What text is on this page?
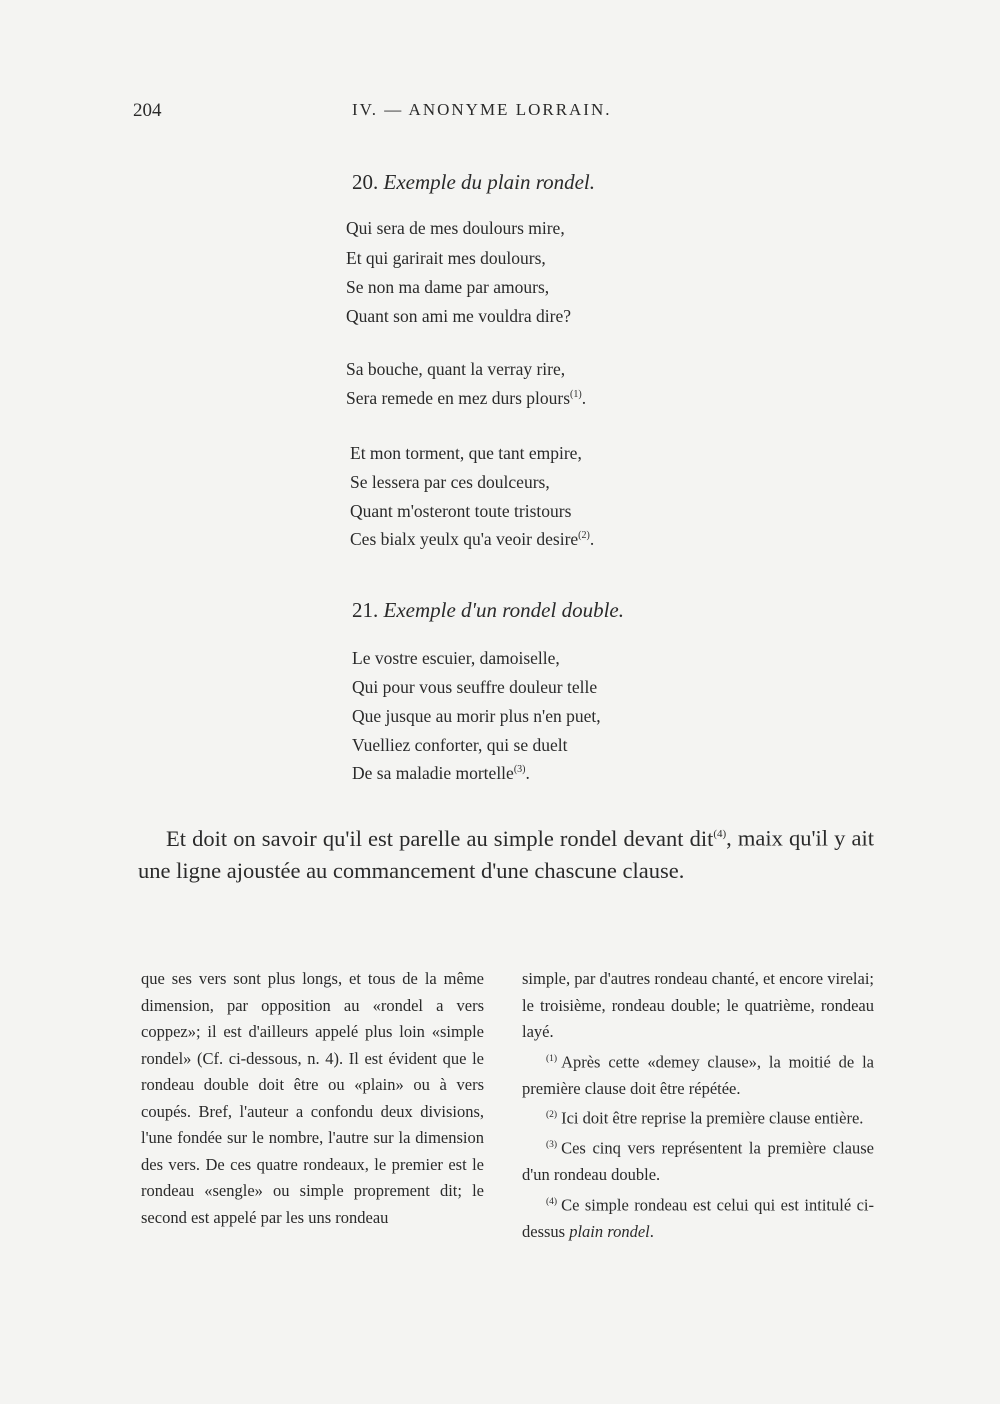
204	IV. — ANONYME LORRAIN.
20. Exemple du plain rondel.
Qui sera de mes doulours mire,
Et qui garirait mes doulours,
Se non ma dame par amours,
Quant son ami me vouldra dire?
Sa bouche, quant la verray rire,
Sera remede en mez durs plours$^{(1)}$.
Et mon torment, que tant empire,
Se lessera par ces doulceurs,
Quant m'osteront toute tristours
Ces bialx yeulx qu'a veoir desire$^{(2)}$.
21. Exemple d'un rondel double.
Le vostre escuier, damoiselle,
Qui pour vous seuffre douleur telle
Que jusque au morir plus n'en puet,
Vuelliez conforter, qui se duelt
De sa maladie mortelle$^{(3)}$.

Et doit on savoir qu'il est parelle au simple rondel devant dit$^{(4)}$, maix qu'il y ait une ligne ajoustée au commancement d'une chascune clause.

que ses vers sont plus longs, et tous de la même dimension, par opposition au «rondel a vers coppez»; il est d'ailleurs appelé plus loin «simple rondel» (Cf. ci-dessous, n. 4). Il est évident que le rondeau double doit être ou «plain» ou à vers coupés. Bref, l'auteur a confondu deux divisions, l'une fondée sur le nombre, l'autre sur la dimension des vers. De ces quatre rondeaux, le premier est le rondeau «sengle» ou simple proprement dit; le second est appelé par les uns rondeau

simple, par d'autres rondeau chanté, et encore virelai; le troisième, rondeau double; le quatrième, rondeau layé.

$^{(1)}$ Après cette «demey clause», la moitié de la première clause doit être répétée.

$^{(2)}$ Ici doit être reprise la première clause entière.

$^{(3)}$ Ces cinq vers représentent la première clause d'un rondeau double.

$^{(4)}$ Ce simple rondeau est celui qui est intitulé ci-dessus plain rondel.
